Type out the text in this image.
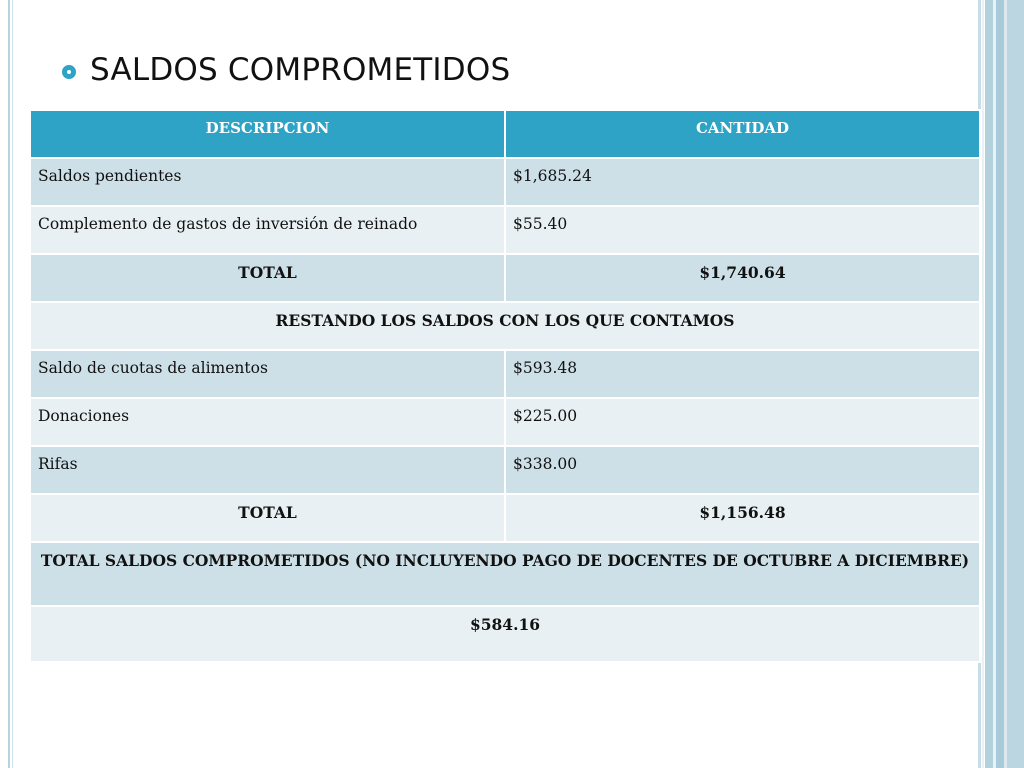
SALDOS COMPROMETIDOS
DESCRIPCION	CANTIDAD
Saldos pendientes	$1,685.24
Complemento de gastos de inversión de reinado	$55.40
TOTAL	$1,740.64
RESTANDO LOS SALDOS CON LOS QUE CONTAMOS	
Saldo de cuotas de alimentos	$593.48
Donaciones	$225.00
Rifas	$338.00
TOTAL	$1,156.48
TOTAL SALDOS COMPROMETIDOS (NO INCLUYENDO PAGO DE DOCENTES DE OCTUBRE A DICIEMBRE)	
$584.16	
